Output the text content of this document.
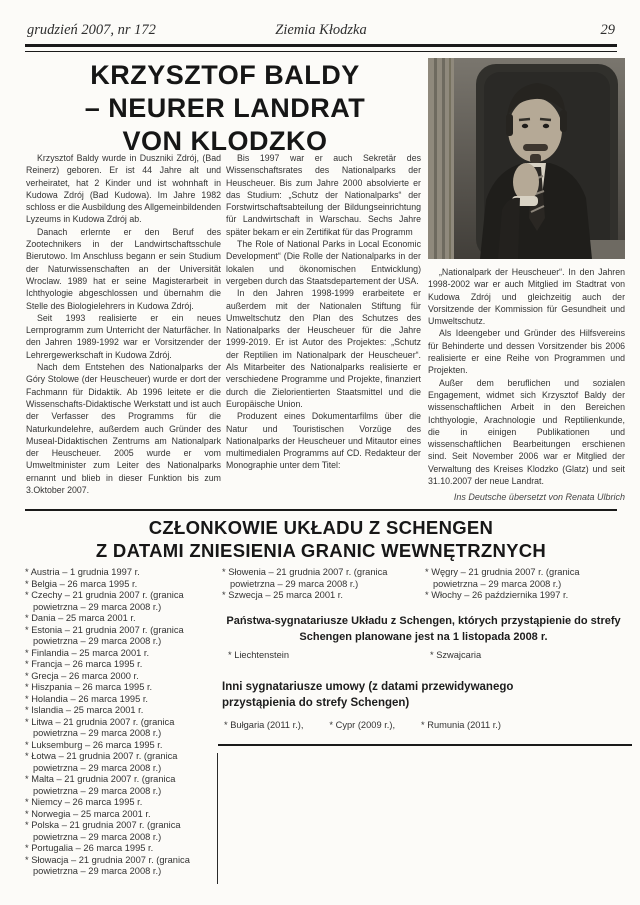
grudzień 2007, nr 172	Ziemia Kłodzka	29
KRZYSZTOF BALDY
– NEURER LANDRAT
VON KLODZKO

Krzysztof Baldy wurde in Duszniki Zdrój, (Bad Reinerz) geboren. Er ist 44 Jahre alt und verheiratet, hat 2 Kinder und ist wohnhaft in Kudowa Zdrój (Bad Kudowa). Im Jahre 1982 schloss er die Ausbildung des Allgemeinbildenden Lyzeums in Kudowa Zdrój ab.

Danach erlernte er den Beruf des Zootechnikers in der Landwirtschaftsschule Bierutowo. Im Anschluss begann er sein Studium der Naturwissenschaften an der Universität Wroclaw. 1989 hat er seine Magisterarbeit in Ichthyologie abgeschlossen und übernahm die Stelle des Biologielehrers in Kudowa Zdrój.

Seit 1993 realisierte er ein neues Lernprogramm zum Unterricht der Naturfächer. In den Jahren 1989-1992 war er Vorsitzender der Lehrergewerkschaft in Kudowa Zdrój.

Nach dem Entstehen des Nationalparks der Góry Stolowe (der Heuscheuer) wurde er dort der Fachmann für Didaktik. Ab 1996 leitete er die Wissenschafts-Didaktische Werkstatt und ist auch der Verfasser des Programms für die Naturkundelehre, außerdem auch Gründer des Museal-Didaktischen Zentrums am Nationalpark der Heuscheuer. 2005 wurde er vom Umweltminister zum Leiter des Nationalparks ernannt und blieb in dieser Funktion bis zum 3.Oktober 2007.

Bis 1997 war er auch Sekretär des Wissenschaftsrates des Nationalparks der Heuscheuer. Bis zum Jahre 2000 absolvierte er das Studium: „Schutz der Nationalparks“ der Forstwirtschaftsabteilung der Bildungseinrichtung für Landwirtschaft in Warschau. Sechs Jahre später bekam er ein Zertifikat für das Programm

The Role of National Parks in Local Economic Development“ (Die Rolle der Nationalparks in der lokalen und ökonomischen Entwicklung) vergeben durch das Staatsdepartement der USA.

In den Jahren 1998-1999 erarbeitete er außerdem mit der Nationalen Stiftung für Umweltschutz den Plan des Schutzes des Nationalparks der Heuscheuer für die Jahre 1999-2019. Er ist Autor des Projektes: „Schutz der Reptilien im Nationalpark der Heuscheuer“. Als Mitarbeiter des Nationalparks realisierte er verschiedene Programme und Projekte, finanziert durch die Zielorientierten Staatsmittel und die Europäische Union.

Produzent eines Dokumentarfilms über die Natur und Touristischen Vorzüge des Nationalparks der Heuscheuer und Mitautor eines multimedialen Programms auf CD. Redakteur der Monographie unter dem Titel:

„Nationalpark der Heuscheuer“. In den Jahren 1998-2002 war er auch Mitglied im Stadtrat von Kudowa Zdrój und gleichzeitig auch der Vorsitzende der Kommission für Gesundheit und Umweltschutz.

Als Ideengeber und Gründer des Hilfsvereins für Behinderte und dessen Vorsitzender bis 2006 realisierte er eine Reihe von Programmen und Projekten.

Außer dem beruflichen und sozialen Engagement, widmet sich Krzysztof Baldy der wissenschaftlichen Arbeit in den Bereichen Ichthyologie, Arachnologie und Reptilienkunde, die in einigen Publikationen und wissenschaftlichen Bearbeitungen erschienen sind. Seit November 2006 war er Mitglied der Verwaltung des Kreises Klodzko (Glatz) und seit 31.10.2007 der neue Landrat.

Ins Deutsche übersetzt von Renata Ulbrich
CZŁONKOWIE UKŁADU Z SCHENGEN
Z DATAMI ZNIESIENIA GRANIC WEWNĘTRZNYCH
* Austria – 1 grudnia 1997 r.
* Belgia – 26 marca 1995 r.
* Czechy – 21 grudnia 2007 r. (granica powietrzna – 29 marca 2008 r.)
* Dania – 25 marca 2001 r.
* Estonia – 21 grudnia 2007 r. (granica powietrzna – 29 marca 2008 r.)
* Finlandia – 25 marca 2001 r.
* Francja – 26 marca 1995 r.
* Grecja – 26 marca 2000 r.
* Hiszpania – 26 marca 1995 r.
* Holandia – 26 marca 1995 r.
* Islandia – 25 marca 2001 r.
* Litwa – 21 grudnia 2007 r. (granica powietrzna – 29 marca 2008 r.)
* Luksemburg – 26 marca 1995 r.
* Łotwa – 21 grudnia 2007 r. (granica powietrzna – 29 marca 2008 r.)
* Malta – 21 grudnia 2007 r. (granica powietrzna – 29 marca 2008 r.)
* Niemcy – 26 marca 1995 r.
* Norwegia – 25 marca 2001 r.
* Polska – 21 grudnia 2007 r. (granica powietrzna – 29 marca 2008 r.)
* Portugalia – 26 marca 1995 r.
* Słowacja – 21 grudnia 2007 r. (granica powietrzna – 29 marca 2008 r.)
* Słowenia – 21 grudnia 2007 r. (granica powietrzna – 29 marca 2008 r.)
* Szwecja – 25 marca 2001 r.
* Węgry – 21 grudnia 2007 r. (granica powietrzna – 29 marca 2008 r.)
* Włochy – 26 października 1997 r.
Państwa-sygnatariusze Układu z Schengen, których przystąpienie do strefy Schengen planowane jest na 1 listopada 2008 r.
* Liechtenstein	* Szwajcaria
Inni sygnatariusze umowy (z datami przewidywanego przystąpienia do strefy Schengen)
* Bułgaria (2011 r.),	* Cypr (2009 r.),	* Rumunia (2011 r.)
